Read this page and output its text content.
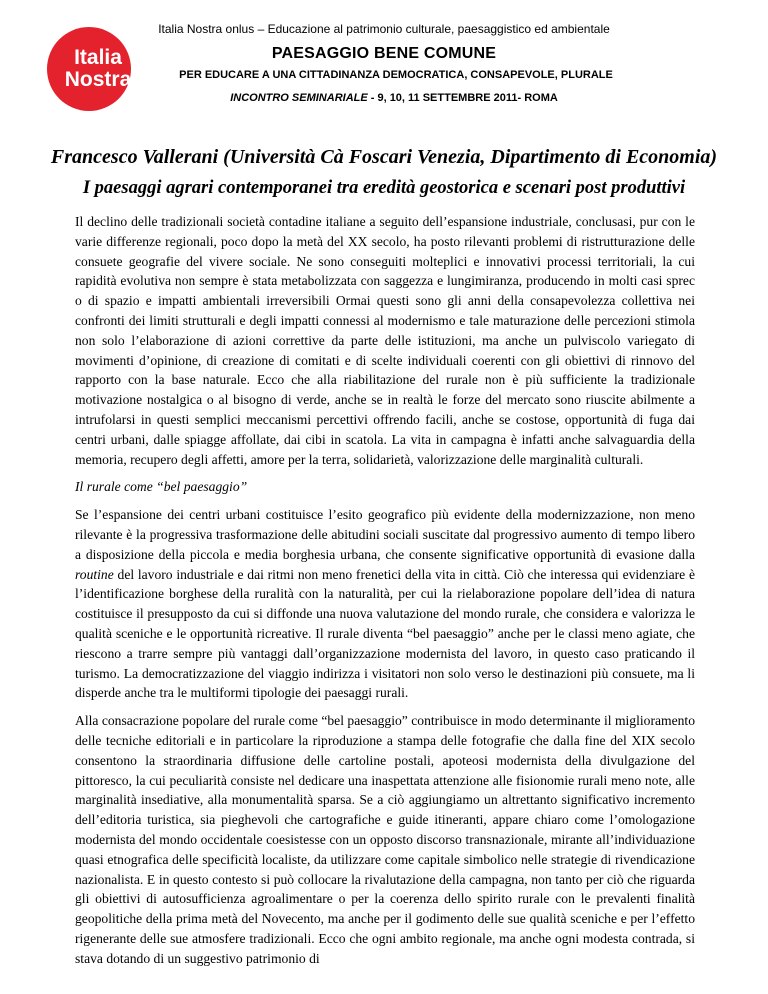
Italia
Nostra
Italia Nostra onlus – Educazione al patrimonio culturale, paesaggistico ed ambientale
PAESAGGIO BENE COMUNE
PER EDUCARE A UNA CITTADINANZA DEMOCRATICA, CONSAPEVOLE, PLURALE
INCONTRO SEMINARIALE - 9, 10, 11 SETTEMBRE 2011- ROMA
Francesco Vallerani (Università Cà Foscari Venezia, Dipartimento di Economia)
I paesaggi agrari contemporanei tra eredità geostorica e scenari post produttivi

Il declino delle tradizionali società contadine italiane a seguito dell’espansione industriale, conclusasi, pur con le varie differenze regionali, poco dopo la metà del XX secolo, ha posto rilevanti problemi di ristrutturazione delle consuete geografie del vivere sociale. Ne sono conseguiti molteplici e innovativi processi territoriali, la cui rapidità evolutiva non sempre è stata metabolizzata con saggezza e lungimiranza, producendo in molti casi sprec o di spazio e impatti ambientali irreversibili Ormai questi sono gli anni della consapevolezza collettiva nei confronti dei limiti strutturali e degli impatti connessi al modernismo e tale maturazione delle percezioni stimola non solo l’elaborazione di azioni correttive da parte delle istituzioni, ma anche un pulviscolo variegato di movimenti d’opinione, di creazione di comitati e di scelte individuali coerenti con gli obiettivi di rinnovo del rapporto con la base naturale. Ecco che alla riabilitazione del rurale non è più sufficiente la tradizionale motivazione nostalgica o al bisogno di verde, anche se in realtà le forze del mercato sono riuscite abilmente a intrufolarsi in questi semplici meccanismi percettivi offrendo facili, anche se costose, opportunità di fuga dai centri urbani, dalle spiagge affollate, dai cibi in scatola. La vita in campagna è infatti anche salvaguardia della memoria, recupero degli affetti, amore per la terra, solidarietà, valorizzazione delle marginalità culturali.

Il rurale come “bel paesaggio”

Se l’espansione dei centri urbani costituisce l’esito geografico più evidente della modernizzazione, non meno rilevante è la progressiva trasformazione delle abitudini sociali suscitate dal progressivo aumento di tempo libero a disposizione della piccola e media borghesia urbana, che consente significative opportunità di evasione dalla routine del lavoro industriale e dai ritmi non meno frenetici della vita in città. Ciò che interessa qui evidenziare è l’identificazione borghese della ruralità con la naturalità, per cui la rielaborazione popolare dell’idea di natura costituisce il presupposto da cui si diffonde una nuova valutazione del mondo rurale, che considera e valorizza le qualità sceniche e le opportunità ricreative. Il rurale diventa “bel paesaggio” anche per le classi meno agiate, che riescono a trarre sempre più vantaggi dall’organizzazione modernista del lavoro, in questo caso praticando il turismo. La democratizzazione del viaggio indirizza i visitatori non solo verso le destinazioni più consuete, ma li disperde anche tra le multiformi tipologie dei paesaggi rurali.

Alla consacrazione popolare del rurale come “bel paesaggio” contribuisce in modo determinante il miglioramento delle tecniche editoriali e in particolare la riproduzione a stampa delle fotografie che dalla fine del XIX secolo consentono la straordinaria diffusione delle cartoline postali, apoteosi modernista della divulgazione del pittoresco, la cui peculiarità consiste nel dedicare una inaspettata attenzione alle fisionomie rurali meno note, alle marginalità insediative, alla monumentalità sparsa. Se a ciò aggiungiamo un altrettanto significativo incremento dell’editoria turistica, sia pieghevoli che cartografiche e guide itineranti, appare chiaro come l’omologazione modernista del mondo occidentale coesistesse con un opposto discorso transnazionale, mirante all’individuazione quasi etnografica delle specificità localiste, da utilizzare come capitale simbolico nelle strategie di rivendicazione nazionalista. E in questo contesto si può collocare la rivalutazione della campagna, non tanto per ciò che riguarda gli obiettivi di autosufficienza agroalimentare o per la coerenza dello spirito rurale con le prevalenti finalità geopolitiche della prima metà del Novecento, ma anche per il godimento delle sue qualità sceniche e per l’effetto rigenerante delle sue atmosfere tradizionali. Ecco che ogni ambito regionale, ma anche ogni modesta contrada, si stava dotando di un suggestivo patrimonio di
